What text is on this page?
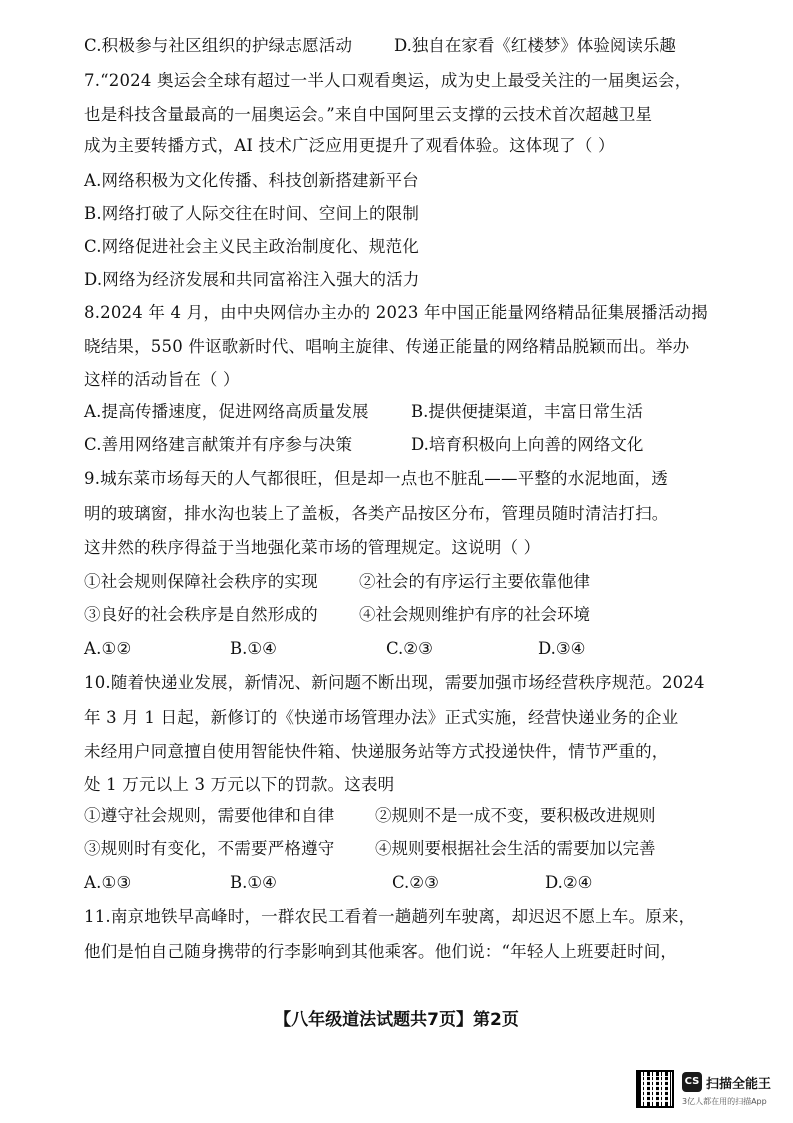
C.积极参与社区组织的护绿志愿活动	D.独自在家看《红楼梦》体验阅读乐趣
7.“2024 奥运会全球有超过一半人口观看奥运，成为史上最受关注的一届奥运会，
也是科技含量最高的一届奥运会。”来自中国阿里云支撑的云技术首次超越卫星
成为主要转播方式，AI 技术广泛应用更提升了观看体验。这体现了（ ）
A.网络积极为文化传播、科技创新搭建新平台
B.网络打破了人际交往在时间、空间上的限制
C.网络促进社会主义民主政治制度化、规范化
D.网络为经济发展和共同富裕注入强大的活力
8.2024 年 4 月，由中央网信办主办的 2023 年中国正能量网络精品征集展播活动揭
晓结果，550 件讴歌新时代、唱响主旋律、传递正能量的网络精品脱颖而出。举办
这样的活动旨在（ ）
A.提高传播速度，促进网络高质量发展	B.提供便捷渠道，丰富日常生活
C.善用网络建言献策并有序参与决策	D.培育积极向上向善的网络文化
9.城东菜市场每天的人气都很旺，但是却一点也不脏乱——平整的水泥地面，透
明的玻璃窗，排水沟也装上了盖板，各类产品按区分布，管理员随时清洁打扫。
这井然的秩序得益于当地强化菜市场的管理规定。这说明（ ）
①社会规则保障社会秩序的实现	②社会的有序运行主要依靠他律
③良好的社会秩序是自然形成的	④社会规则维护有序的社会环境
A.①②	B.①④	C.②③	D.③④
10.随着快递业发展，新情况、新问题不断出现，需要加强市场经营秩序规范。2024
年 3 月 1 日起，新修订的《快递市场管理办法》正式实施，经营快递业务的企业
未经用户同意擅自使用智能快件箱、快递服务站等方式投递快件，情节严重的，
处 1 万元以上 3 万元以下的罚款。这表明
①遵守社会规则，需要他律和自律	②规则不是一成不变，要积极改进规则
③规则时有变化，不需要严格遵守	④规则要根据社会生活的需要加以完善
A.①③	B.①④	C.②③	D.②④
11.南京地铁早高峰时，一群农民工看着一趟趟列车驶离，却迟迟不愿上车。原来，
他们是怕自己随身携带的行李影响到其他乘客。他们说：“年轻人上班要赶时间，
【八年级道法试题共7页】第2页
CS 扫描全能王
3亿人都在用的扫描App
